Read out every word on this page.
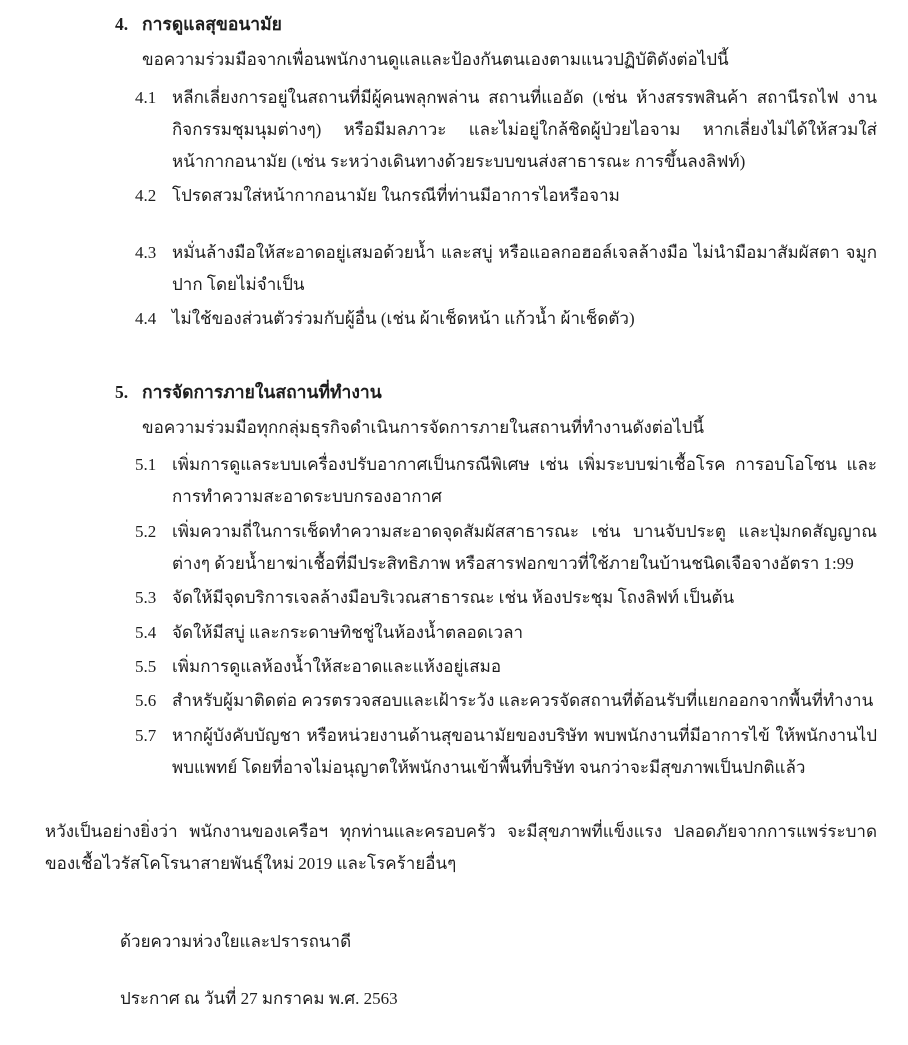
4. การดูแลสุขอนามัย

ขอความร่วมมือจากเพื่อนพนักงานดูแลและป้องกันตนเองตามแนวปฏิบัติดังต่อไปนี้

4.1 หลีกเลี่ยงการอยู่ในสถานที่มีผู้คนพลุกพล่าน สถานที่แออัด (เช่น ห้างสรรพสินค้า สถานีรถไฟ งานกิจกรรมชุมนุมต่างๆ) หรือมีมลภาวะ และไม่อยู่ใกล้ชิดผู้ป่วยไอจาม หากเลี่ยงไม่ได้ให้สวมใส่หน้ากากอนามัย (เช่น ระหว่างเดินทางด้วยระบบขนส่งสาธารณะ การขึ้นลงลิฟท์)
4.2 โปรดสวมใส่หน้ากากอนามัย ในกรณีที่ท่านมีอาการไอหรือจาม
4.3 หมั่นล้างมือให้สะอาดอยู่เสมอด้วยน้ำ และสบู่ หรือแอลกอฮอล์เจลล้างมือ ไม่นำมือมาสัมผัสตา จมูก ปาก โดยไม่จำเป็น
4.4 ไม่ใช้ของส่วนตัวร่วมกับผู้อื่น (เช่น ผ้าเช็ดหน้า แก้วน้ำ ผ้าเช็ดตัว)
5. การจัดการภายในสถานที่ทำงาน

ขอความร่วมมือทุกกลุ่มธุรกิจดำเนินการจัดการภายในสถานที่ทำงานดังต่อไปนี้

5.1 เพิ่มการดูแลระบบเครื่องปรับอากาศเป็นกรณีพิเศษ เช่น เพิ่มระบบฆ่าเชื้อโรค การอบโอโซน และการทำความสะอาดระบบกรองอากาศ
5.2 เพิ่มความถี่ในการเช็ดทำความสะอาดจุดสัมผัสสาธารณะ เช่น บานจับประตู และปุ่มกดสัญญาณต่างๆ ด้วยน้ำยาฆ่าเชื้อที่มีประสิทธิภาพ หรือสารฟอกขาวที่ใช้ภายในบ้านชนิดเจือจางอัตรา 1:99
5.3 จัดให้มีจุดบริการเจลล้างมือบริเวณสาธารณะ เช่น ห้องประชุม โถงลิฟท์ เป็นต้น
5.4 จัดให้มีสบู่ และกระดาษทิชชู่ในห้องน้ำตลอดเวลา
5.5 เพิ่มการดูแลห้องน้ำให้สะอาดและแห้งอยู่เสมอ
5.6 สำหรับผู้มาติดต่อ ควรตรวจสอบและเฝ้าระวัง และควรจัดสถานที่ต้อนรับที่แยกออกจากพื้นที่ทำงาน
5.7 หากผู้บังคับบัญชา หรือหน่วยงานด้านสุขอนามัยของบริษัท พบพนักงานที่มีอาการไข้ ให้พนักงานไปพบแพทย์ โดยที่อาจไม่อนุญาตให้พนักงานเข้าพื้นที่บริษัท จนกว่าจะมีสุขภาพเป็นปกติแล้ว

หวังเป็นอย่างยิ่งว่า พนักงานของเครือฯ ทุกท่านและครอบครัว จะมีสุขภาพที่แข็งแรง ปลอดภัยจากการแพร่ระบาดของเชื้อไวรัสโคโรนาสายพันธุ์ใหม่ 2019 และโรคร้ายอื่นๆ

ด้วยความห่วงใยและปรารถนาดี

ประกาศ ณ วันที่ 27 มกราคม พ.ศ. 2563
